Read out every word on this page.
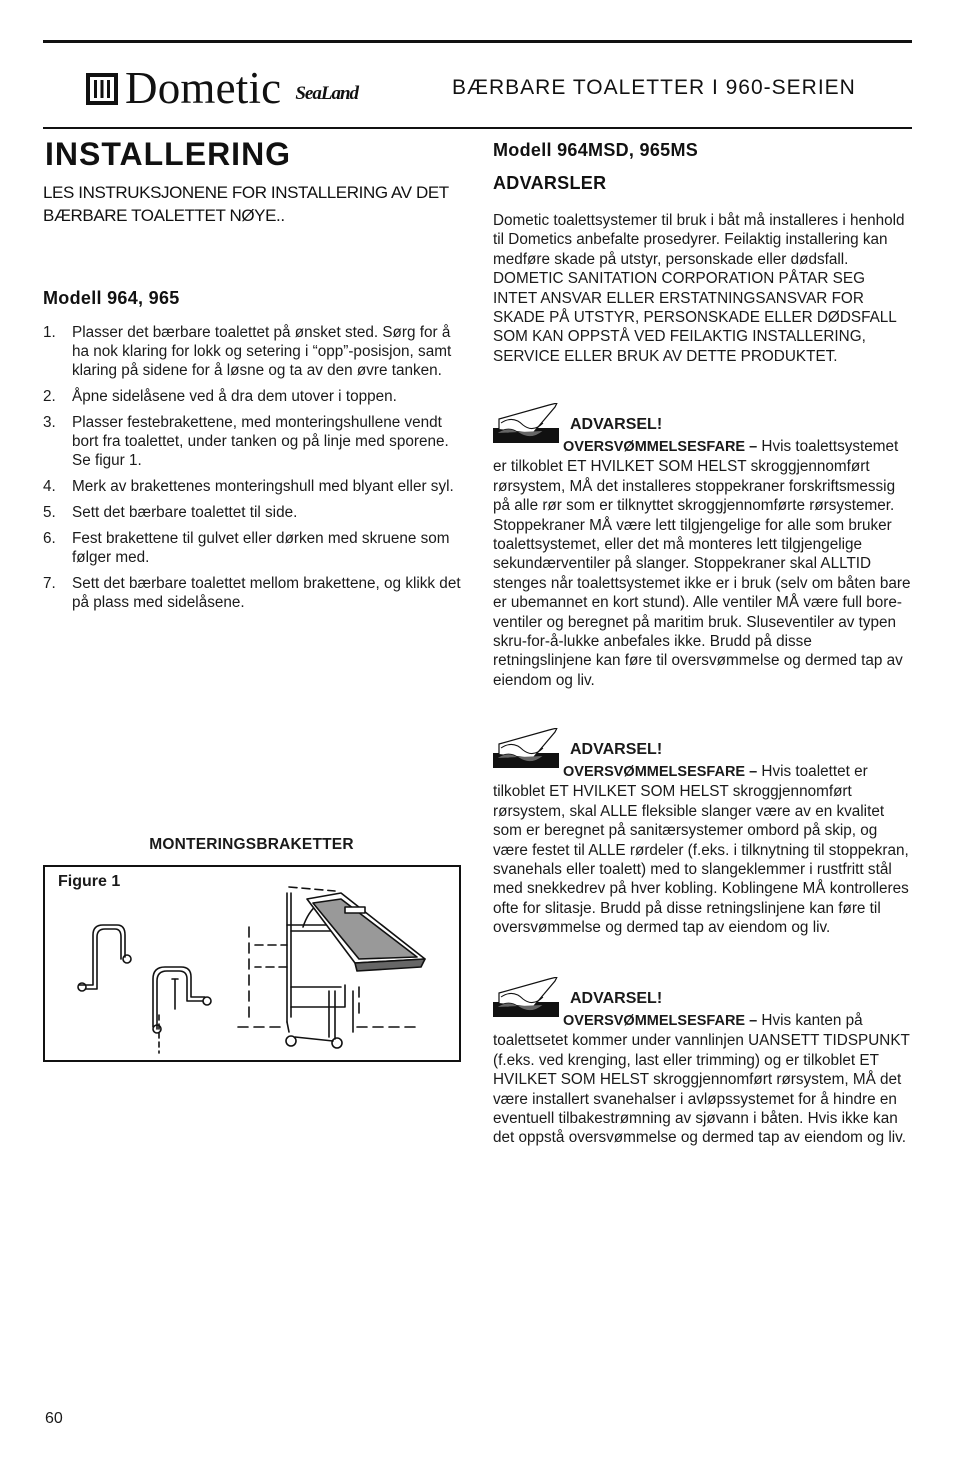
Dometic SeaLand	BÆRBARE TOALETTER I 960-SERIEN
INSTALLERING
LES INSTRUKSJONENE FOR INSTALLERING AV DET BÆRBARE TOALETTET NØYE..
Modell 964, 965
1.	Plasser det bærbare toalettet på ønsket sted. Sørg for å ha nok klaring for lokk og setering i “opp”-posisjon, samt klaring på sidene for å løsne og ta av den øvre tanken.
2.	Åpne sidelåsene ved å dra dem utover i toppen.
3.	Plasser festebrakettene, med monteringshullene vendt bort fra toalettet, under tanken og på linje med sporene. Se figur 1.
4.	Merk av brakettenes monteringshull med blyant eller syl.
5.	Sett det bærbare toalettet til side.
6.	Fest brakettene til gulvet eller dørken med skruene som følger med.
7.	Sett det bærbare toalettet mellom brakettene, og klikk det på plass med sidelåsene.
MONTERINGSBRAKETTER
Figure 1
Modell 964MSD, 965MS
ADVARSLER
Dometic toalettsystemer til bruk i båt må installeres i henhold til Dometics anbefalte prosedyrer. Feilaktig installering kan medføre skade på utstyr, personskade eller dødsfall. DOMETIC SANITATION CORPORATION PÅTAR SEG INTET ANSVAR ELLER ERSTATNINGSANSVAR FOR SKADE PÅ UTSTYR, PERSONSKADE ELLER DØDSFALL SOM KAN OPPSTÅ VED FEILAKTIG INSTALLERING, SERVICE ELLER BRUK AV DETTE PRODUKTET.
ADVARSEL!
OVERSVØMMELSESFARE – Hvis toalettsystemet er tilkoblet ET HVILKET SOM HELST skroggjennomført rørsystem, MÅ det installeres stoppekraner forskriftsmessig på alle rør som er tilknyttet skroggjennomførte rørsystemer. Stoppekraner MÅ være lett tilgjengelige for alle som bruker toalettsystemet, eller det må monteres lett tilgjengelige sekundærventiler på slanger. Stoppekraner skal ALLTID stenges når toalettsystemet ikke er i bruk (selv om båten bare er ubemannet en kort stund). Alle ventiler MÅ være full bore-ventiler og beregnet på maritim bruk. Sluseventiler av typen skru-for-å-lukke anbefales ikke. Brudd på disse retningslinjene kan føre til oversvømmelse og dermed tap av eiendom og liv.
ADVARSEL!
OVERSVØMMELSESFARE – Hvis toalettet er tilkoblet ET HVILKET SOM HELST skroggjennomført rørsystem, skal ALLE fleksible slanger være av en kvalitet som er beregnet på sanitærsystemer ombord på skip, og være festet til ALLE rørdeler (f.eks. i tilknytning til stoppekran, svanehals eller toalett) med to slangeklemmer i rustfritt stål med snekkedrev på hver kobling. Koblingene MÅ kontrolleres ofte for slitasje. Brudd på disse retningslinjene kan føre til oversvømmelse og dermed tap av eiendom og liv.
ADVARSEL!
OVERSVØMMELSESFARE – Hvis kanten på toalettsetet kommer under vannlinjen UANSETT TIDSPUNKT (f.eks. ved krenging, last eller trimming) og er tilkoblet ET HVILKET SOM HELST skroggjennomført rørsystem, MÅ det være installert svanehalser i avløpssystemet for å hindre en eventuell tilbakestrømning av sjøvann i båten. Hvis ikke kan det oppstå oversvømmelse og dermed tap av eiendom og liv.
60
